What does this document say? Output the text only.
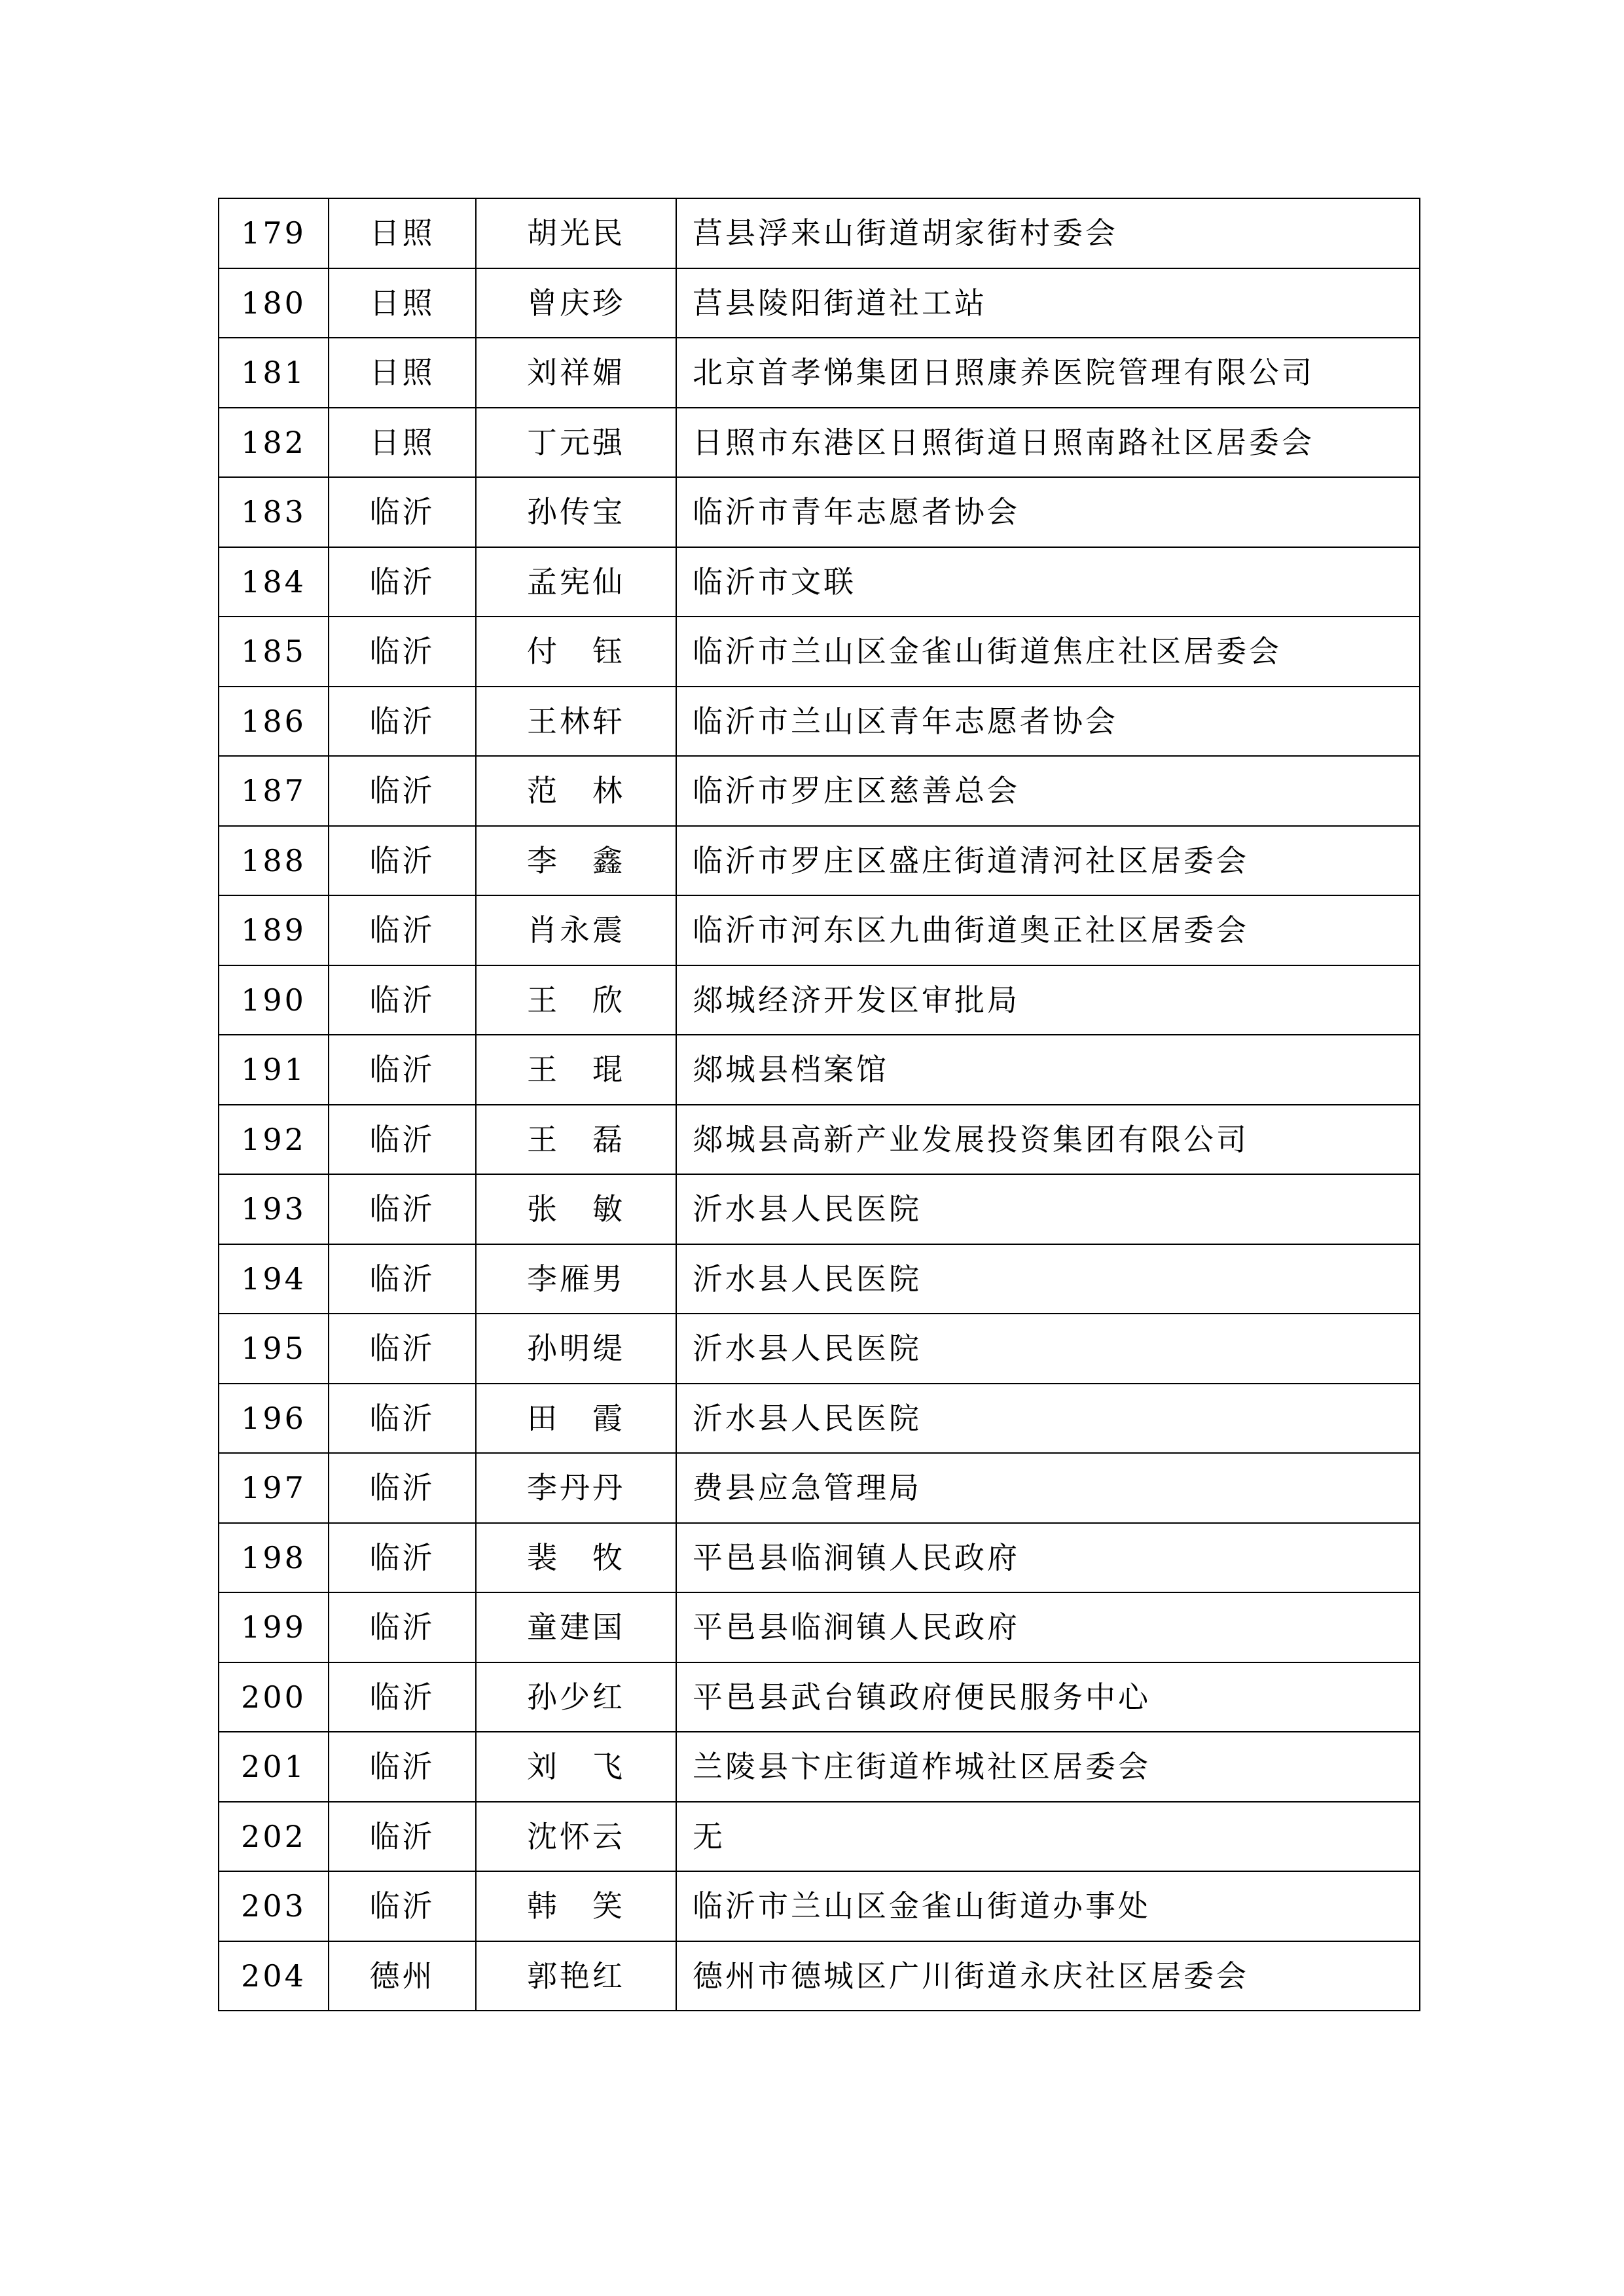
179	日照	胡光民	莒县浮来山街道胡家街村委会
180	日照	曾庆珍	莒县陵阳街道社工站
181	日照	刘祥媚	北京首孝悌集团日照康养医院管理有限公司
182	日照	丁元强	日照市东港区日照街道日照南路社区居委会
183	临沂	孙传宝	临沂市青年志愿者协会
184	临沂	孟宪仙	临沂市文联
185	临沂	付　钰	临沂市兰山区金雀山街道焦庄社区居委会
186	临沂	王林轩	临沂市兰山区青年志愿者协会
187	临沂	范　林	临沂市罗庄区慈善总会
188	临沂	李　鑫	临沂市罗庄区盛庄街道清河社区居委会
189	临沂	肖永震	临沂市河东区九曲街道奥正社区居委会
190	临沂	王　欣	郯城经济开发区审批局
191	临沂	王　琨	郯城县档案馆
192	临沂	王　磊	郯城县高新产业发展投资集团有限公司
193	临沂	张　敏	沂水县人民医院
194	临沂	李雁男	沂水县人民医院
195	临沂	孙明缇	沂水县人民医院
196	临沂	田　霞	沂水县人民医院
197	临沂	李丹丹	费县应急管理局
198	临沂	裴　牧	平邑县临涧镇人民政府
199	临沂	童建国	平邑县临涧镇人民政府
200	临沂	孙少红	平邑县武台镇政府便民服务中心
201	临沂	刘　飞	兰陵县卞庄街道柞城社区居委会
202	临沂	沈怀云	无
203	临沂	韩　笑	临沂市兰山区金雀山街道办事处
204	德州	郭艳红	德州市德城区广川街道永庆社区居委会
